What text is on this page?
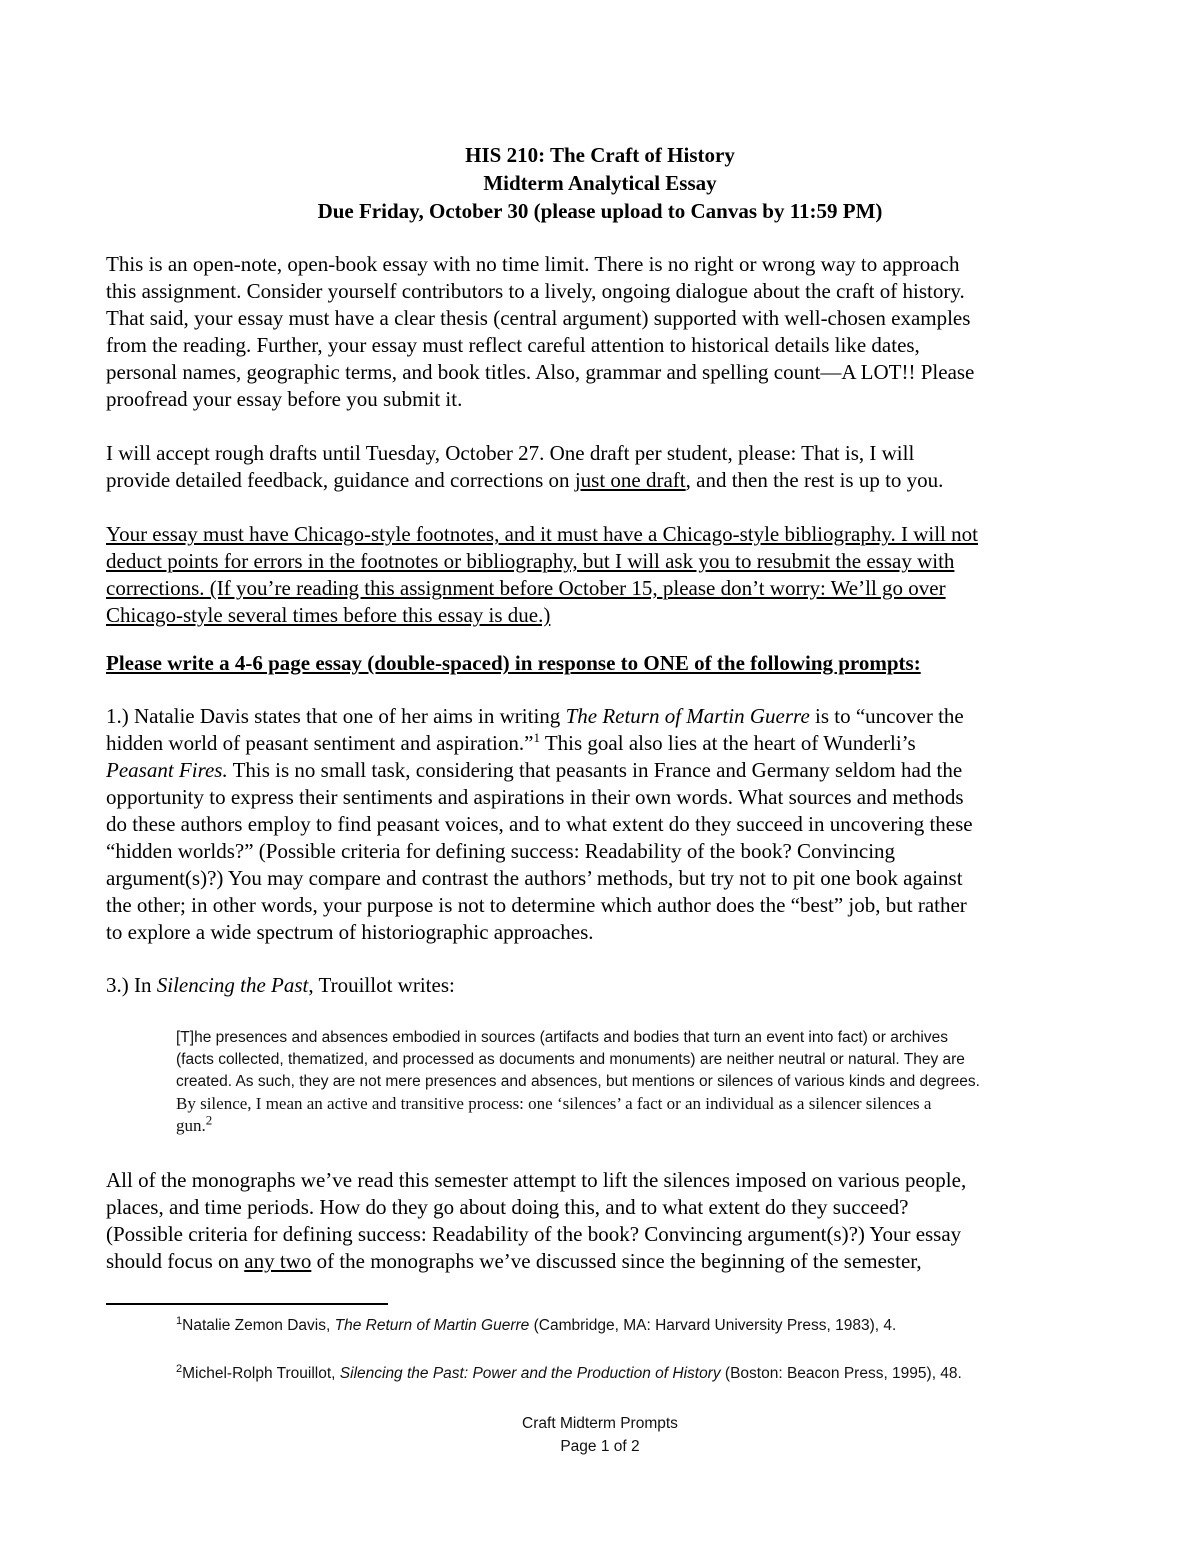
HIS 210: The Craft of History
Midterm Analytical Essay
Due Friday, October 30 (please upload to Canvas by 11:59 PM)
This is an open-note, open-book essay with no time limit. There is no right or wrong way to approach
this assignment. Consider yourself contributors to a lively, ongoing dialogue about the craft of history.
That said, your essay must have a clear thesis (central argument) supported with well-chosen examples
from the reading. Further, your essay must reflect careful attention to historical details like dates,
personal names, geographic terms, and book titles. Also, grammar and spelling count—A LOT!! Please
proofread your essay before you submit it.
I will accept rough drafts until Tuesday, October 27. One draft per student, please: That is, I will
provide detailed feedback, guidance and corrections on just one draft, and then the rest is up to you.
Your essay must have Chicago-style footnotes, and it must have a Chicago-style bibliography. I will not
deduct points for errors in the footnotes or bibliography, but I will ask you to resubmit the essay with
corrections. (If you’re reading this assignment before October 15, please don’t worry: We’ll go over
Chicago-style several times before this essay is due.)
Please write a 4-6 page essay (double-spaced) in response to ONE of the following prompts:
1.) Natalie Davis states that one of her aims in writing The Return of Martin Guerre is to “uncover the
hidden world of peasant sentiment and aspiration.”$^1$ This goal also lies at the heart of Wunderli’s
Peasant Fires. This is no small task, considering that peasants in France and Germany seldom had the
opportunity to express their sentiments and aspirations in their own words. What sources and methods
do these authors employ to find peasant voices, and to what extent do they succeed in uncovering these
“hidden worlds?” (Possible criteria for defining success: Readability of the book? Convincing
argument(s)?) You may compare and contrast the authors’ methods, but try not to pit one book against
the other; in other words, your purpose is not to determine which author does the “best” job, but rather
to explore a wide spectrum of historiographic approaches.
3.) In Silencing the Past, Trouillot writes:
[T]he presences and absences embodied in sources (artifacts and bodies that turn an event into fact) or archives
(facts collected, thematized, and processed as documents and monuments) are neither neutral or natural. They are
created. As such, they are not mere presences and absences, but mentions or silences of various kinds and degrees.
By silence, I mean an active and transitive process: one ‘silences’ a fact or an individual as a silencer silences a
gun.$^2$
All of the monographs we’ve read this semester attempt to lift the silences imposed on various people,
places, and time periods. How do they go about doing this, and to what extent do they succeed?
(Possible criteria for defining success: Readability of the book? Convincing argument(s)?) Your essay
should focus on any two of the monographs we’ve discussed since the beginning of the semester,
$^1$Natalie Zemon Davis, The Return of Martin Guerre (Cambridge, MA: Harvard University Press, 1983), 4.
$^2$Michel-Rolph Trouillot, Silencing the Past: Power and the Production of History (Boston: Beacon Press, 1995), 48.
Craft Midterm Prompts
Page 1 of 2
